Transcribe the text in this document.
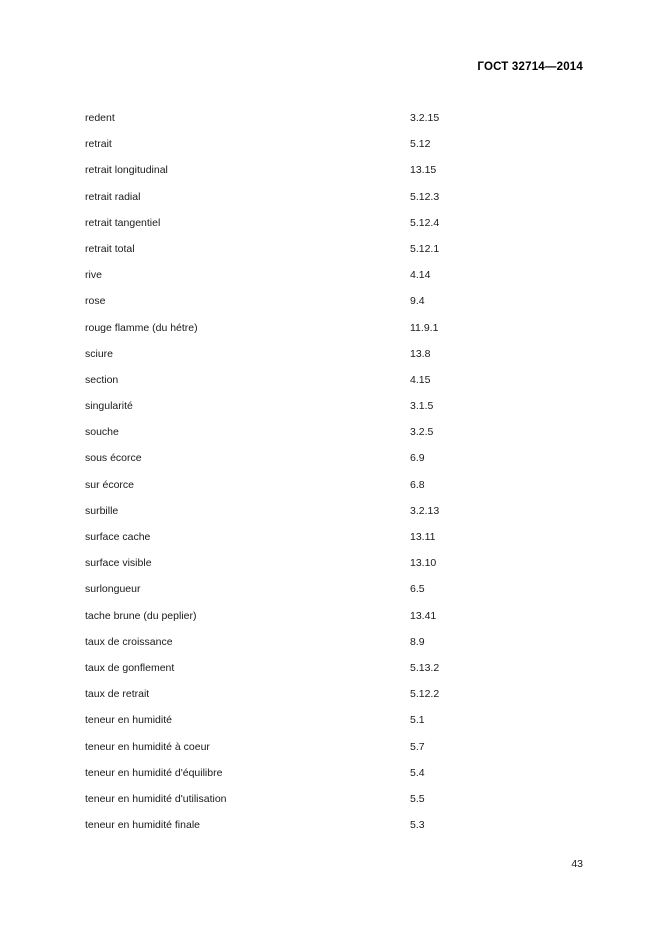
ГОСТ 32714—2014
redent	3.2.15
retrait	5.12
retrait longitudinal	13.15
retrait radial	5.12.3
retrait tangentiel	5.12.4
retrait total	5.12.1
rive	4.14
rose	9.4
rouge flamme (du hétre)	11.9.1
sciure	13.8
section	4.15
singularité	3.1.5
souche	3.2.5
sous écorce	6.9
sur écorce	6.8
surbille	3.2.13
surface cache	13.11
surface visible	13.10
surlongueur	6.5
tache brune (du peplier)	13.41
taux de croissance	8.9
taux de gonflement	5.13.2
taux de retrait	5.12.2
teneur en humidité	5.1
teneur en humidité à coeur	5.7
teneur en humidité d'équilibre	5.4
teneur en humidité d'utilisation	5.5
teneur en humidité finale	5.3
43
